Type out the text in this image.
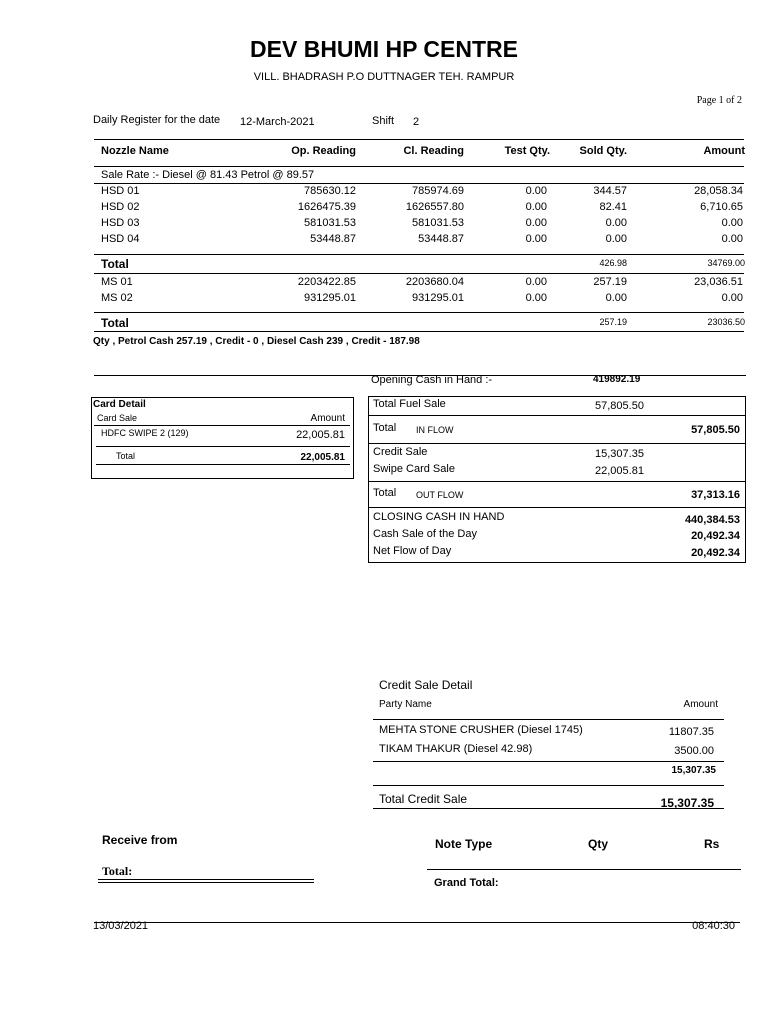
DEV BHUMI HP CENTRE
VILL. BHADRASH P.O DUTTNAGER TEH. RAMPUR
Page 1 of 2
Daily Register for the date 12-March-2021	Shift 2
Nozzle Name	Op. Reading	Cl. Reading	Test Qty.	Sold Qty.	Amount
Sale Rate :- Diesel @ 81.43 Petrol @ 89.57
HSD 01	785630.12	785974.69	0.00	344.57	28,058.34
HSD 02	1626475.39	1626557.80	0.00	82.41	6,710.65
HSD 03	581031.53	581031.53	0.00	0.00	0.00
HSD 04	53448.87	53448.87	0.00	0.00	0.00
Total	426.98	34769.00
MS 01	2203422.85	2203680.04	0.00	257.19	23,036.51
MS 02	931295.01	931295.01	0.00	0.00	0.00
Total	257.19	23036.50
Qty , Petrol Cash 257.19 , Credit - 0 , Diesel Cash 239 , Credit - 187.98
Opening Cash in Hand :-	419892.19
Card Detail
Card Sale	Amount
HDFC SWIPE 2 (129)	22,005.81
Total	22,005.81
Total Fuel Sale	57,805.50
Total IN FLOW	57,805.50
Credit Sale	15,307.35
Swipe Card Sale	22,005.81
Total OUT FLOW	37,313.16
CLOSING CASH IN HAND	440,384.53
Cash Sale of the Day	20,492.34
Net Flow of Day	20,492.34
Credit Sale Detail
Party Name	Amount
MEHTA STONE CRUSHER (Diesel 1745)	11807.35
TIKAM THAKUR (Diesel 42.98)	3500.00
15,307.35
Total Credit Sale	15,307.35
Receive from
Total:
Note Type	Qty	Rs
Grand Total:
13/03/2021	08:40:30
